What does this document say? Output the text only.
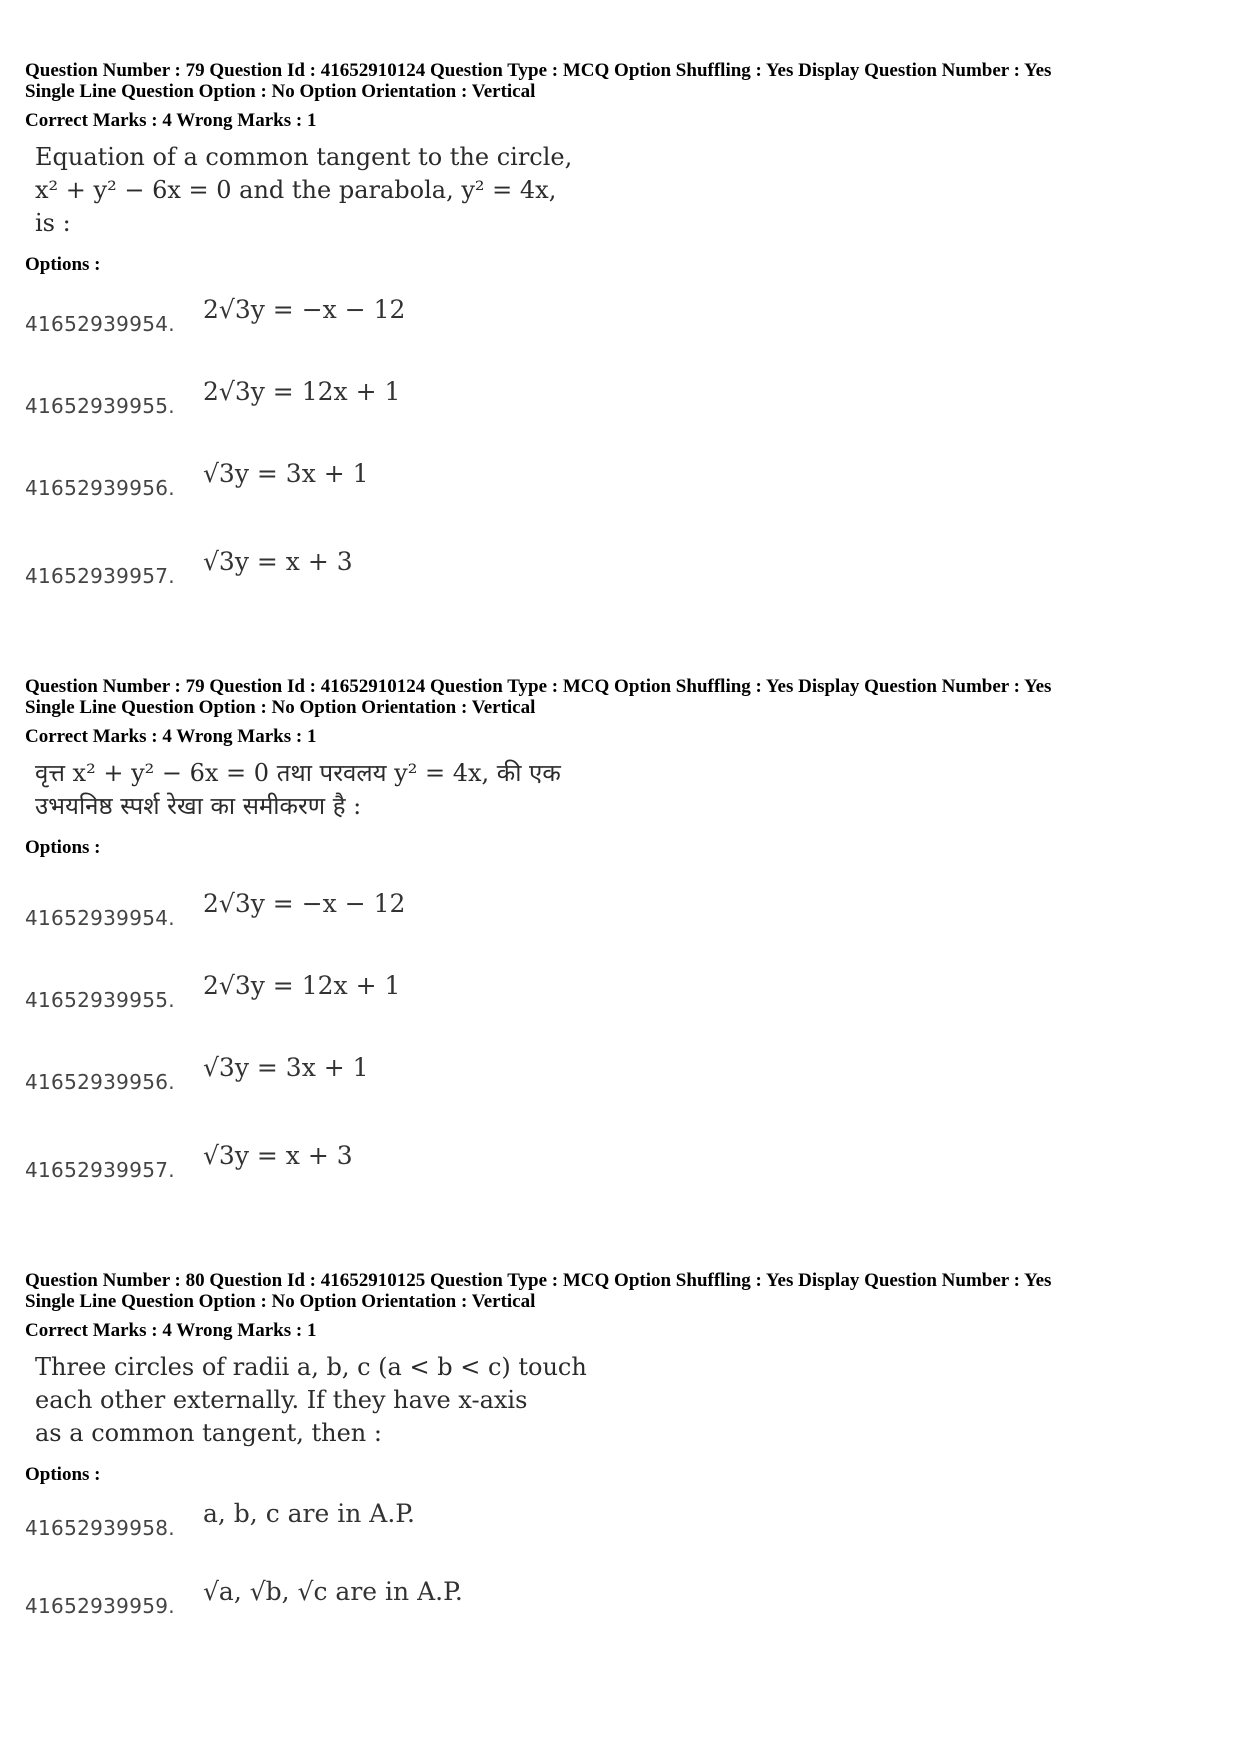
Question Number : 79 Question Id : 41652910124 Question Type : MCQ Option Shuffling : Yes Display Question Number : Yes
Single Line Question Option : No Option Orientation : Vertical
Correct Marks : 4 Wrong Marks : 1
Equation of a common tangent to the circle,
x² + y² − 6x = 0 and the parabola, y² = 4x,
is :
Options :
41652939954. 2√3y = −x − 12
41652939955. 2√3y = 12x + 1
41652939956. √3y = 3x + 1
41652939957. √3y = x + 3
Question Number : 79 Question Id : 41652910124 Question Type : MCQ Option Shuffling : Yes Display Question Number : Yes
Single Line Question Option : No Option Orientation : Vertical
Correct Marks : 4 Wrong Marks : 1
वृत्त x² + y² − 6x = 0 तथा परवलय y² = 4x, की एक
उभयनिष्ठ स्पर्श रेखा का समीकरण है :
Options :
41652939954. 2√3y = −x − 12
41652939955. 2√3y = 12x + 1
41652939956. √3y = 3x + 1
41652939957. √3y = x + 3
Question Number : 80 Question Id : 41652910125 Question Type : MCQ Option Shuffling : Yes Display Question Number : Yes
Single Line Question Option : No Option Orientation : Vertical
Correct Marks : 4 Wrong Marks : 1
Three circles of radii a, b, c (a < b < c) touch
each other externally. If they have x-axis
as a common tangent, then :
Options :
41652939958. a, b, c are in A.P.
41652939959. √a, √b, √c are in A.P.
